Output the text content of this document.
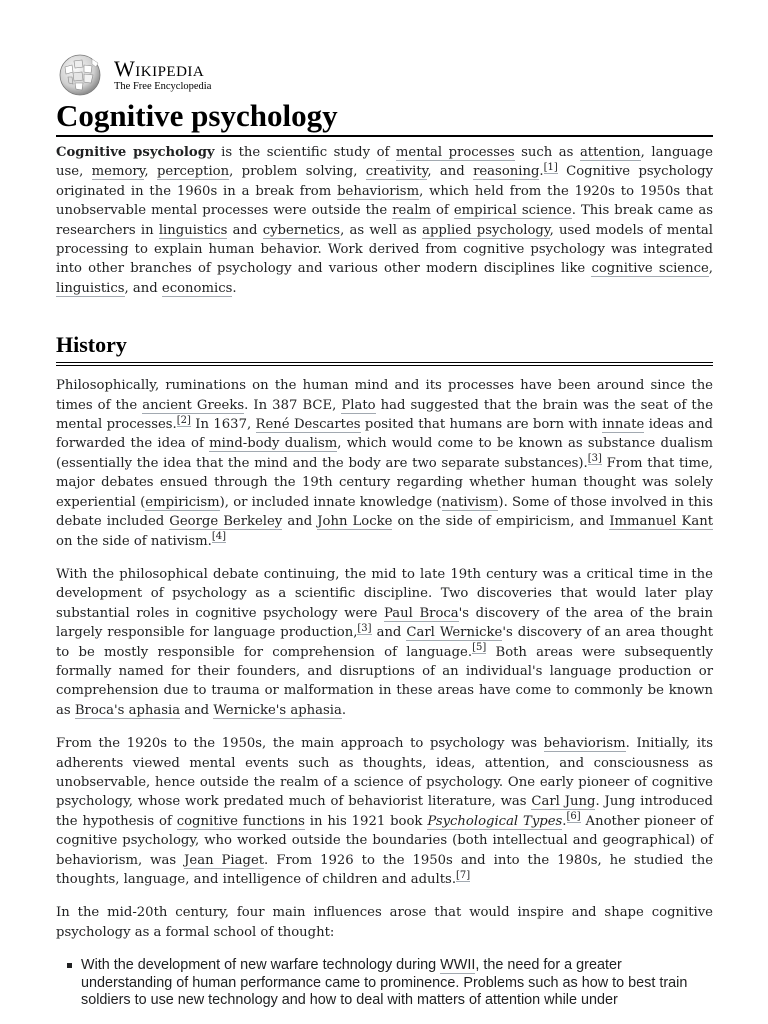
Wikipedia
The Free Encyclopedia
Cognitive psychology

Cognitive psychology is the scientific study of mental processes such as attention, language use, memory, perception, problem solving, creativity, and reasoning.[1] Cognitive psychology originated in the 1960s in a break from behaviorism, which held from the 1920s to 1950s that unobservable mental processes were outside the realm of empirical science. This break came as researchers in linguistics and cybernetics, as well as applied psychology, used models of mental processing to explain human behavior. Work derived from cognitive psychology was integrated into other branches of psychology and various other modern disciplines like cognitive science, linguistics, and economics.

History

Philosophically, ruminations on the human mind and its processes have been around since the times of the ancient Greeks. In 387 BCE, Plato had suggested that the brain was the seat of the mental processes.[2] In 1637, René Descartes posited that humans are born with innate ideas and forwarded the idea of mind-body dualism, which would come to be known as substance dualism (essentially the idea that the mind and the body are two separate substances).[3] From that time, major debates ensued through the 19th century regarding whether human thought was solely experiential (empiricism), or included innate knowledge (nativism). Some of those involved in this debate included George Berkeley and John Locke on the side of empiricism, and Immanuel Kant on the side of nativism.[4]

With the philosophical debate continuing, the mid to late 19th century was a critical time in the development of psychology as a scientific discipline. Two discoveries that would later play substantial roles in cognitive psychology were Paul Broca's discovery of the area of the brain largely responsible for language production,[3] and Carl Wernicke's discovery of an area thought to be mostly responsible for comprehension of language.[5] Both areas were subsequently formally named for their founders, and disruptions of an individual's language production or comprehension due to trauma or malformation in these areas have come to commonly be known as Broca's aphasia and Wernicke's aphasia.

From the 1920s to the 1950s, the main approach to psychology was behaviorism. Initially, its adherents viewed mental events such as thoughts, ideas, attention, and consciousness as unobservable, hence outside the realm of a science of psychology. One early pioneer of cognitive psychology, whose work predated much of behaviorist literature, was Carl Jung. Jung introduced the hypothesis of cognitive functions in his 1921 book Psychological Types.[6] Another pioneer of cognitive psychology, who worked outside the boundaries (both intellectual and geographical) of behaviorism, was Jean Piaget. From 1926 to the 1950s and into the 1980s, he studied the thoughts, language, and intelligence of children and adults.[7]

In the mid-20th century, four main influences arose that would inspire and shape cognitive psychology as a formal school of thought:

With the development of new warfare technology during WWII, the need for a greater understanding of human performance came to prominence. Problems such as how to best train soldiers to use new technology and how to deal with matters of attention while under
